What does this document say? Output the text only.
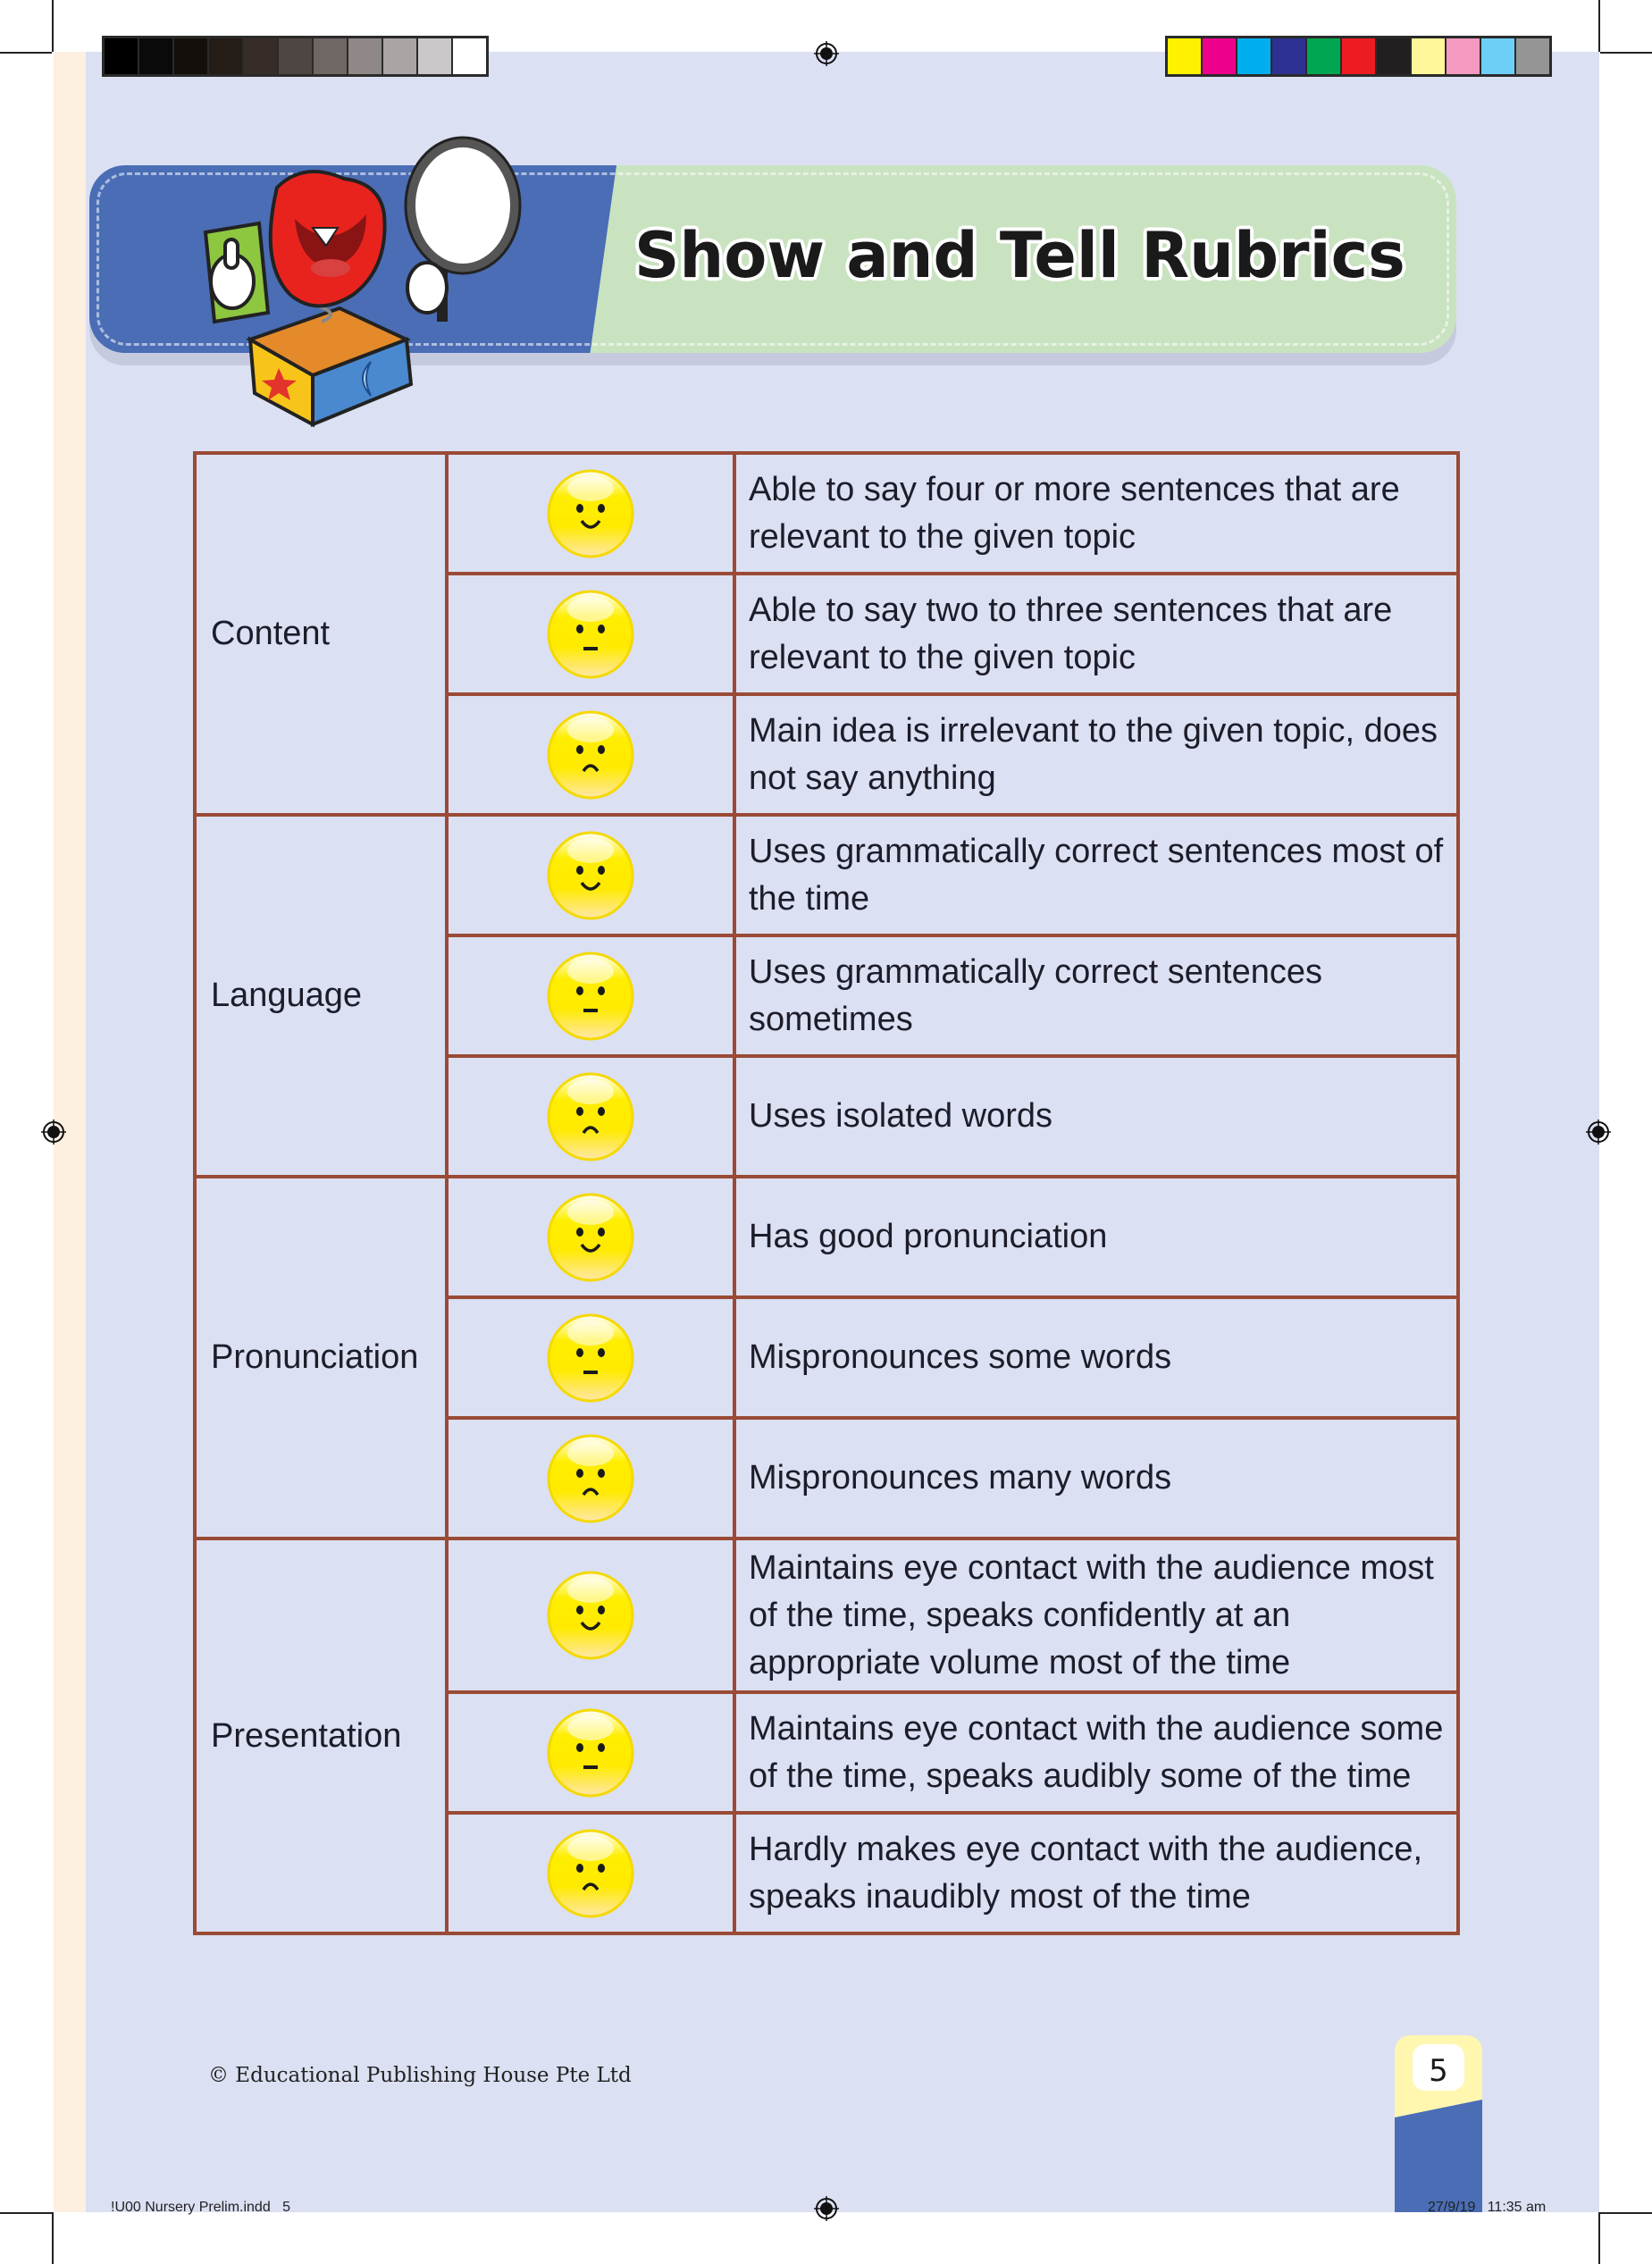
Show and Tell Rubrics
Content		Able to say four or more sentences that are relevant to the given topic
	Able to say two to three sentences that are relevant to the given topic
	Main idea is irrelevant to the given topic, does not say anything
Language		Uses grammatically correct sentences most of the time
	Uses grammatically correct sentences sometimes
	Uses isolated words
Pronunciation		Has good pronunciation
	Mispronounces some words
	Mispronounces many words
Presentation		Maintains eye contact with the audience most of the time, speaks confidently at an appropriate volume most of the time
	Maintains eye contact with the audience some of the time, speaks audibly some of the time
	Hardly makes eye contact with the audience, speaks inaudibly most of the time
© Educational Publishing House Pte Ltd	5
!U00 Nursery Prelim.indd   5	27/9/19   11:35 am
